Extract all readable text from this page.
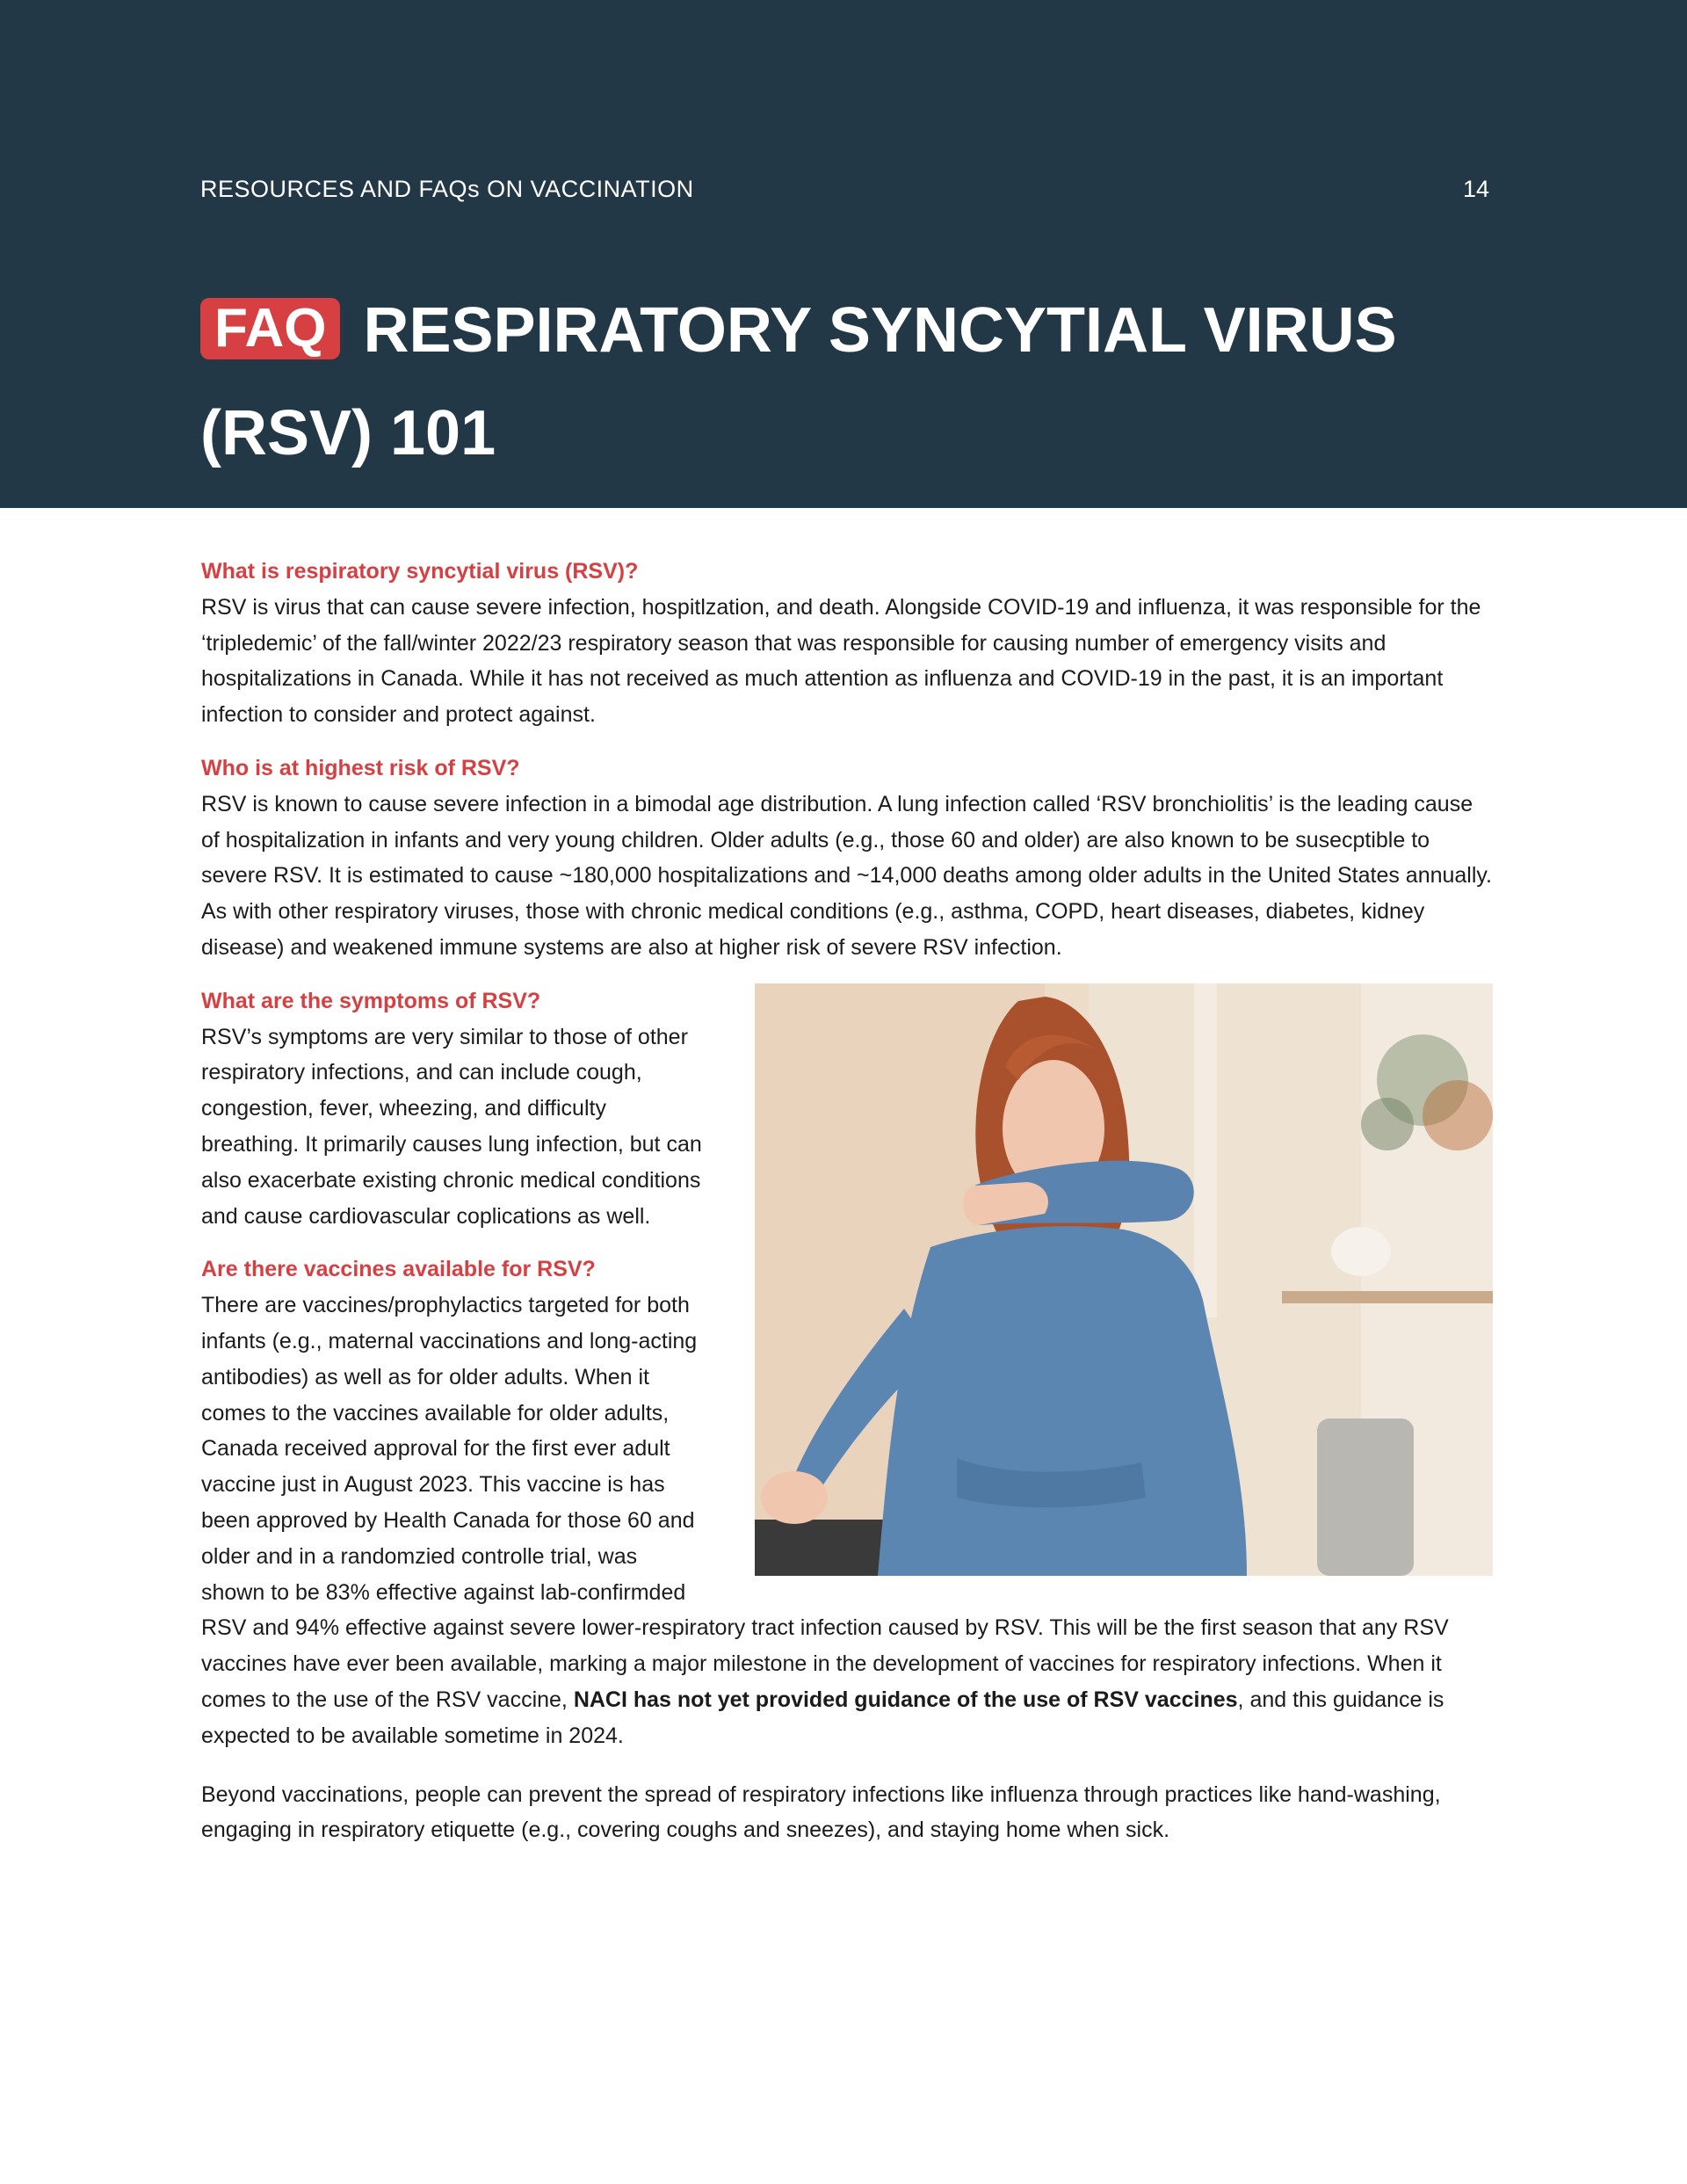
RESOURCES AND FAQs ON VACCINATION	14
FAQ RESPIRATORY SYNCYTIAL VIRUS
(RSV) 101

What is respiratory syncytial virus (RSV)?

RSV is virus that can cause severe infection, hospitlzation, and death. Alongside COVID-19 and influenza, it was responsible for the ‘tripledemic’ of the fall/winter 2022/23 respiratory season that was responsible for causing number of emergency visits and hospitalizations in Canada. While it has not received as much attention as influenza and COVID-19 in the past, it is an important infection to consider and protect against.

Who is at highest risk of RSV?

RSV is known to cause severe infection in a bimodal age distribution. A lung infection called ‘RSV bronchiolitis’ is the leading cause of hospitalization in infants and very young children. Older adults (e.g., those 60 and older) are also known to be susecptible to severe RSV. It is estimated to cause ~180,000 hospitalizations and ~14,000 deaths among older adults in the United States annually. As with other respiratory viruses, those with chronic medical conditions (e.g., asthma, COPD, heart diseases, diabetes, kidney disease) and weakened immune systems are also at higher risk of severe RSV infection.

What are the symptoms of RSV?

RSV’s symptoms are very similar to those of other respiratory infections, and can include cough, congestion, fever, wheezing, and difficulty breathing. It primarily causes lung infection, but can also exacerbate existing chronic medical conditions and cause cardiovascular coplications as well.

Are there vaccines available for RSV?

There are vaccines/prophylactics targeted for both infants (e.g., maternal vaccinations and long-acting antibodies) as well as for older adults. When it comes to the vaccines available for older adults, Canada received approval for the first ever adult vaccine just in August 2023. This vaccine is has been approved by Health Canada for those 60 and older and in a randomzied controlle trial, was shown to be 83% effective against lab-confirmded RSV and 94% effective against severe lower-respiratory tract infection caused by RSV. This will be the first season that any RSV vaccines have ever been available, marking a major milestone in the development of vaccines for respiratory infections. When it comes to the use of the RSV vaccine, NACI has not yet provided guidance of the use of RSV vaccines, and this guidance is expected to be available sometime in 2024.

Beyond vaccinations, people can prevent the spread of respiratory infections like influenza through practices like hand-washing, engaging in respiratory etiquette (e.g., covering coughs and sneezes), and staying home when sick.
